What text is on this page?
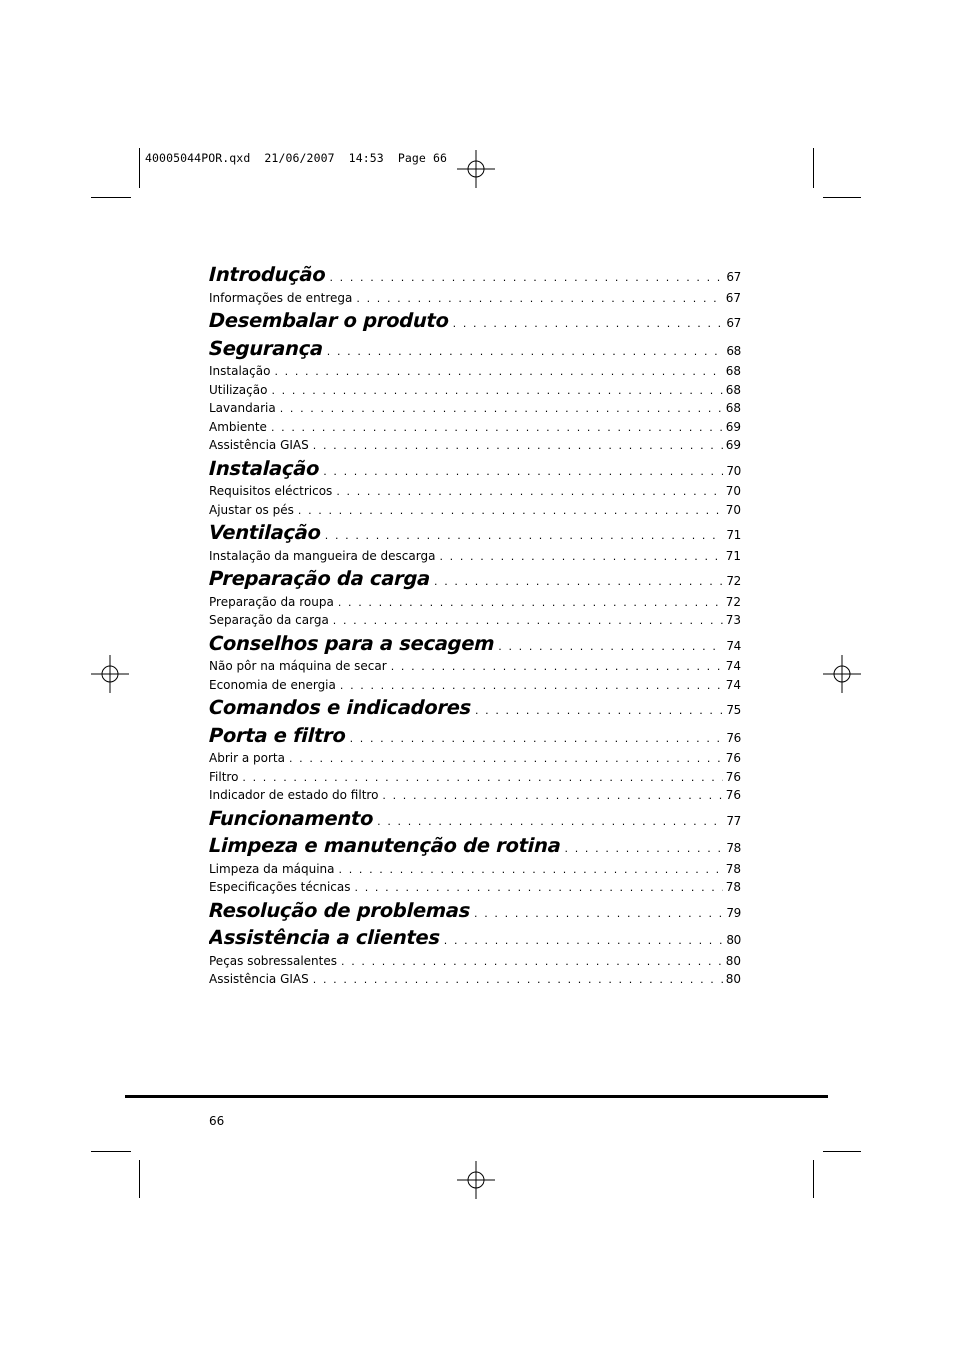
40005044POR.qxd  21/06/2007  14:53  Page 66
Introdução . . .	67
Informações de entrega . . .	67
Desembalar o produto . . .	67
Segurança . . .	68
Instalação . . .	68
Utilização . . .	68
Lavandaria . . .	68
Ambiente . . .	69
Assistência GIAS . . .	69
Instalação . . .	70
Requisitos eléctricos . . .	70
Ajustar os pés . . .	70
Ventilação . . .	71
Instalação da mangueira de descarga . . .	71
Preparação da carga . . .	72
Preparação da roupa . . .	72
Separação da carga . . .	73
Conselhos para a secagem . . .	74
Não pôr na máquina de secar . . .	74
Economia de energia . . .	74
Comandos e indicadores . . .	75
Porta e filtro . . .	76
Abrir a porta . . .	76
Filtro . . .	76
Indicador de estado do filtro . . .	76
Funcionamento . . .	77
Limpeza e manutenção de rotina . . .	78
Limpeza da máquina . . .	78
Especificações técnicas . . .	78
Resolução de problemas . . .	79
Assistência a clientes . . .	80
Peças sobressalentes . . .	80
Assistência GIAS . . .	80
66
